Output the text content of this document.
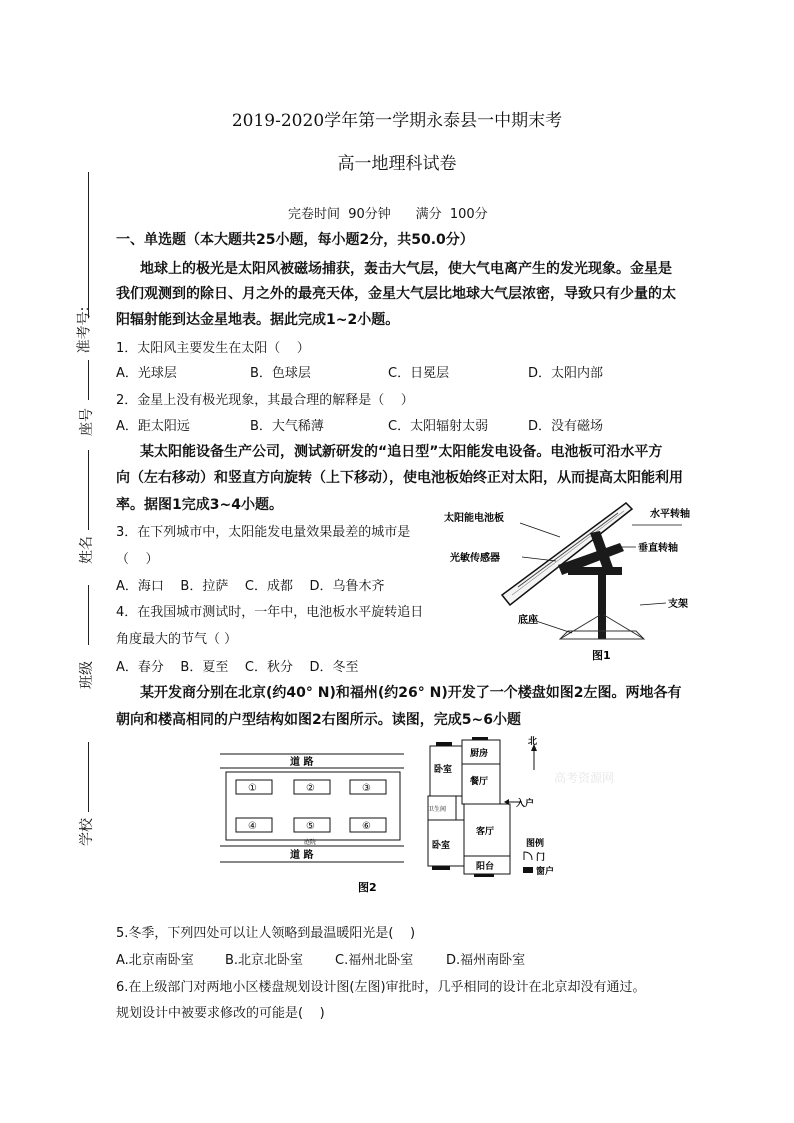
准考号:
座号
姓名
班级
学校
2019-2020学年第一学期永泰县一中期末考
高一地理科试卷
完卷时间  90分钟      满分  100分
一、单选题（本大题共25小题，每小题2分，共50.0分）
地球上的极光是太阳风被磁场捕获，轰击大气层，使大气电离产生的发光现象。金星是
我们观测到的除日、月之外的最亮天体，金星大气层比地球大气层浓密，导致只有少量的太
阳辐射能到达金星地表。据此完成1~2小题。
1．太阳风主要发生在太阳（    ）
A．光球层	B．色球层	C．日冕层	D．太阳内部
2．金星上没有极光现象，其最合理的解释是（    ）
A．距太阳远	B．大气稀薄	C．太阳辐射太弱	D．没有磁场
某太阳能设备生产公司，测试新研发的“追日型”太阳能发电设备。电池板可沿水平方
向（左右移动）和竖直方向旋转（上下移动），使电池板始终正对太阳，从而提高太阳能利用
率。据图1完成3~4小题。
3．在下列城市中，太阳能发电量效果最差的城市是
（    ）
A．海口    B．拉萨    C．成都    D．乌鲁木齐
4．在我国城市测试时，一年中，电池板水平旋转追日
角度最大的节气（ ）
A．春分    B．夏至    C．秋分    D．冬至
太阳能电池板	水平转轴
垂直转轴
光敏传感器
支架
底座
图1
某开发商分别在北京(约40° N)和福州(约26° N)开发了一个楼盘如图2左图。两地各有
朝向和楼高相同的户型结构如图2右图所示。读图，完成5~6小题
道 路
道 路
庭院
①	②	③
④	⑤	⑥
卧室
厨房
餐厅
卫生间
卧室
客厅
阳台
入户
北
图例
门
窗户
高考资源网
图2
5.冬季，下列四处可以让人领略到最温暖阳光是(    )
A.北京南卧室 B.北京北卧室 C.福州北卧室	D.福州南卧室
6.在上级部门对两地小区楼盘规划设计图(左图)审批时，几乎相同的设计在北京却没有通过。
规划设计中被要求修改的可能是(    )
